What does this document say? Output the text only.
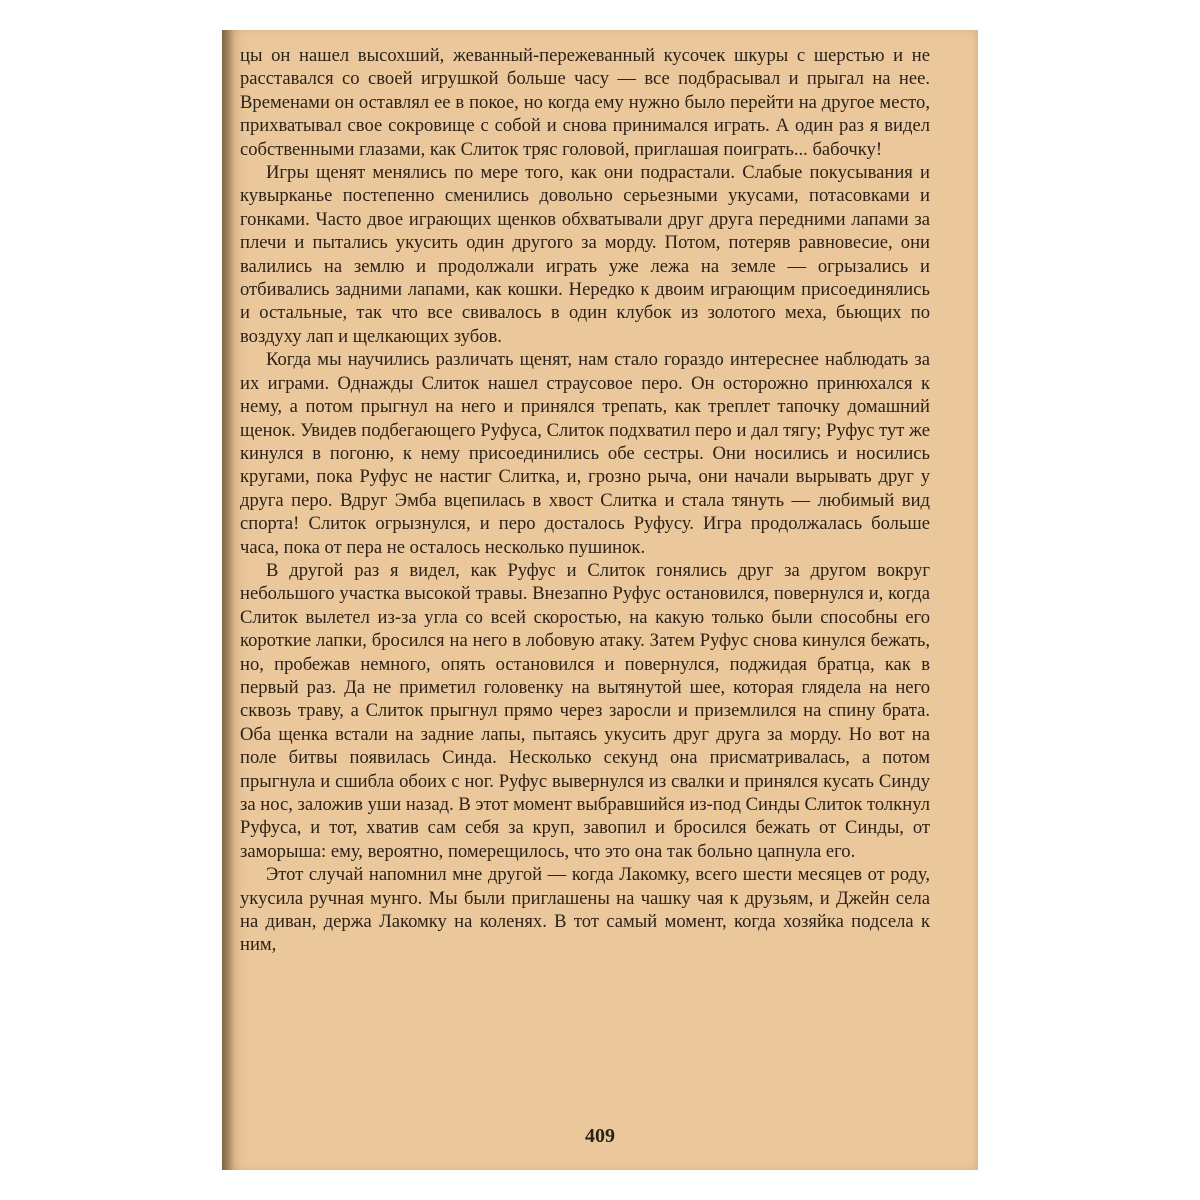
цы он нашел высохший, жеванный-пережеванный кусочек шкуры с шерстью и не расставался со своей игрушкой больше часу — все подбрасывал и прыгал на нее. Временами он оставлял ее в покое, но когда ему нужно было перейти на другое место, прихватывал свое сокровище с собой и снова принимался играть. А один раз я видел собственными глазами, как Слиток тряс головой, приглашая поиграть... бабочку!

Игры щенят менялись по мере того, как они подрастали. Слабые покусывания и кувырканье постепенно сменились довольно серьезными укусами, потасовками и гонками. Часто двое играющих щенков обхватывали друг друга передними лапами за плечи и пытались укусить один другого за морду. Потом, потеряв равновесие, они валились на землю и продолжали играть уже лежа на земле — огрызались и отбивались задними лапами, как кошки. Нередко к двоим играющим присоединялись и остальные, так что все свивалось в один клубок из золотого меха, бьющих по воздуху лап и щелкающих зубов.

Когда мы научились различать щенят, нам стало гораздо интереснее наблюдать за их играми. Однажды Слиток нашел страусовое перо. Он осторожно принюхался к нему, а потом прыгнул на него и принялся трепать, как треплет тапочку домашний щенок. Увидев подбегающего Руфуса, Слиток подхватил перо и дал тягу; Руфус тут же кинулся в погоню, к нему присоединились обе сестры. Они носились и носились кругами, пока Руфус не настиг Слитка, и, грозно рыча, они начали вырывать друг у друга перо. Вдруг Эмба вцепилась в хвост Слитка и стала тянуть — любимый вид спорта! Слиток огрызнулся, и перо досталось Руфусу. Игра продолжалась больше часа, пока от пера не осталось несколько пушинок.

В другой раз я видел, как Руфус и Слиток гонялись друг за другом вокруг небольшого участка высокой травы. Внезапно Руфус остановился, повернулся и, когда Слиток вылетел из-за угла со всей скоростью, на какую только были способны его короткие лапки, бросился на него в лобовую атаку. Затем Руфус снова кинулся бежать, но, пробежав немного, опять остановился и повернулся, поджидая братца, как в первый раз. Да не приметил головенку на вытянутой шее, которая глядела на него сквозь траву, а Слиток прыгнул прямо через заросли и приземлился на спину брата. Оба щенка встали на задние лапы, пытаясь укусить друг друга за морду. Но вот на поле битвы появилась Синда. Несколько секунд она присматривалась, а потом прыгнула и сшибла обоих с ног. Руфус вывернулся из свалки и принялся кусать Синду за нос, заложив уши назад. В этот момент выбравшийся из-под Синды Слиток толкнул Руфуса, и тот, хватив сам себя за круп, завопил и бросился бежать от Синды, от заморыша: ему, вероятно, померещилось, что это она так больно цапнула его.

Этот случай напомнил мне другой — когда Лакомку, всего шести месяцев от роду, укусила ручная мунго. Мы были приглашены на чашку чая к друзьям, и Джейн села на диван, держа Лакомку на коленях. В тот самый момент, когда хозяйка подсела к ним,

409
